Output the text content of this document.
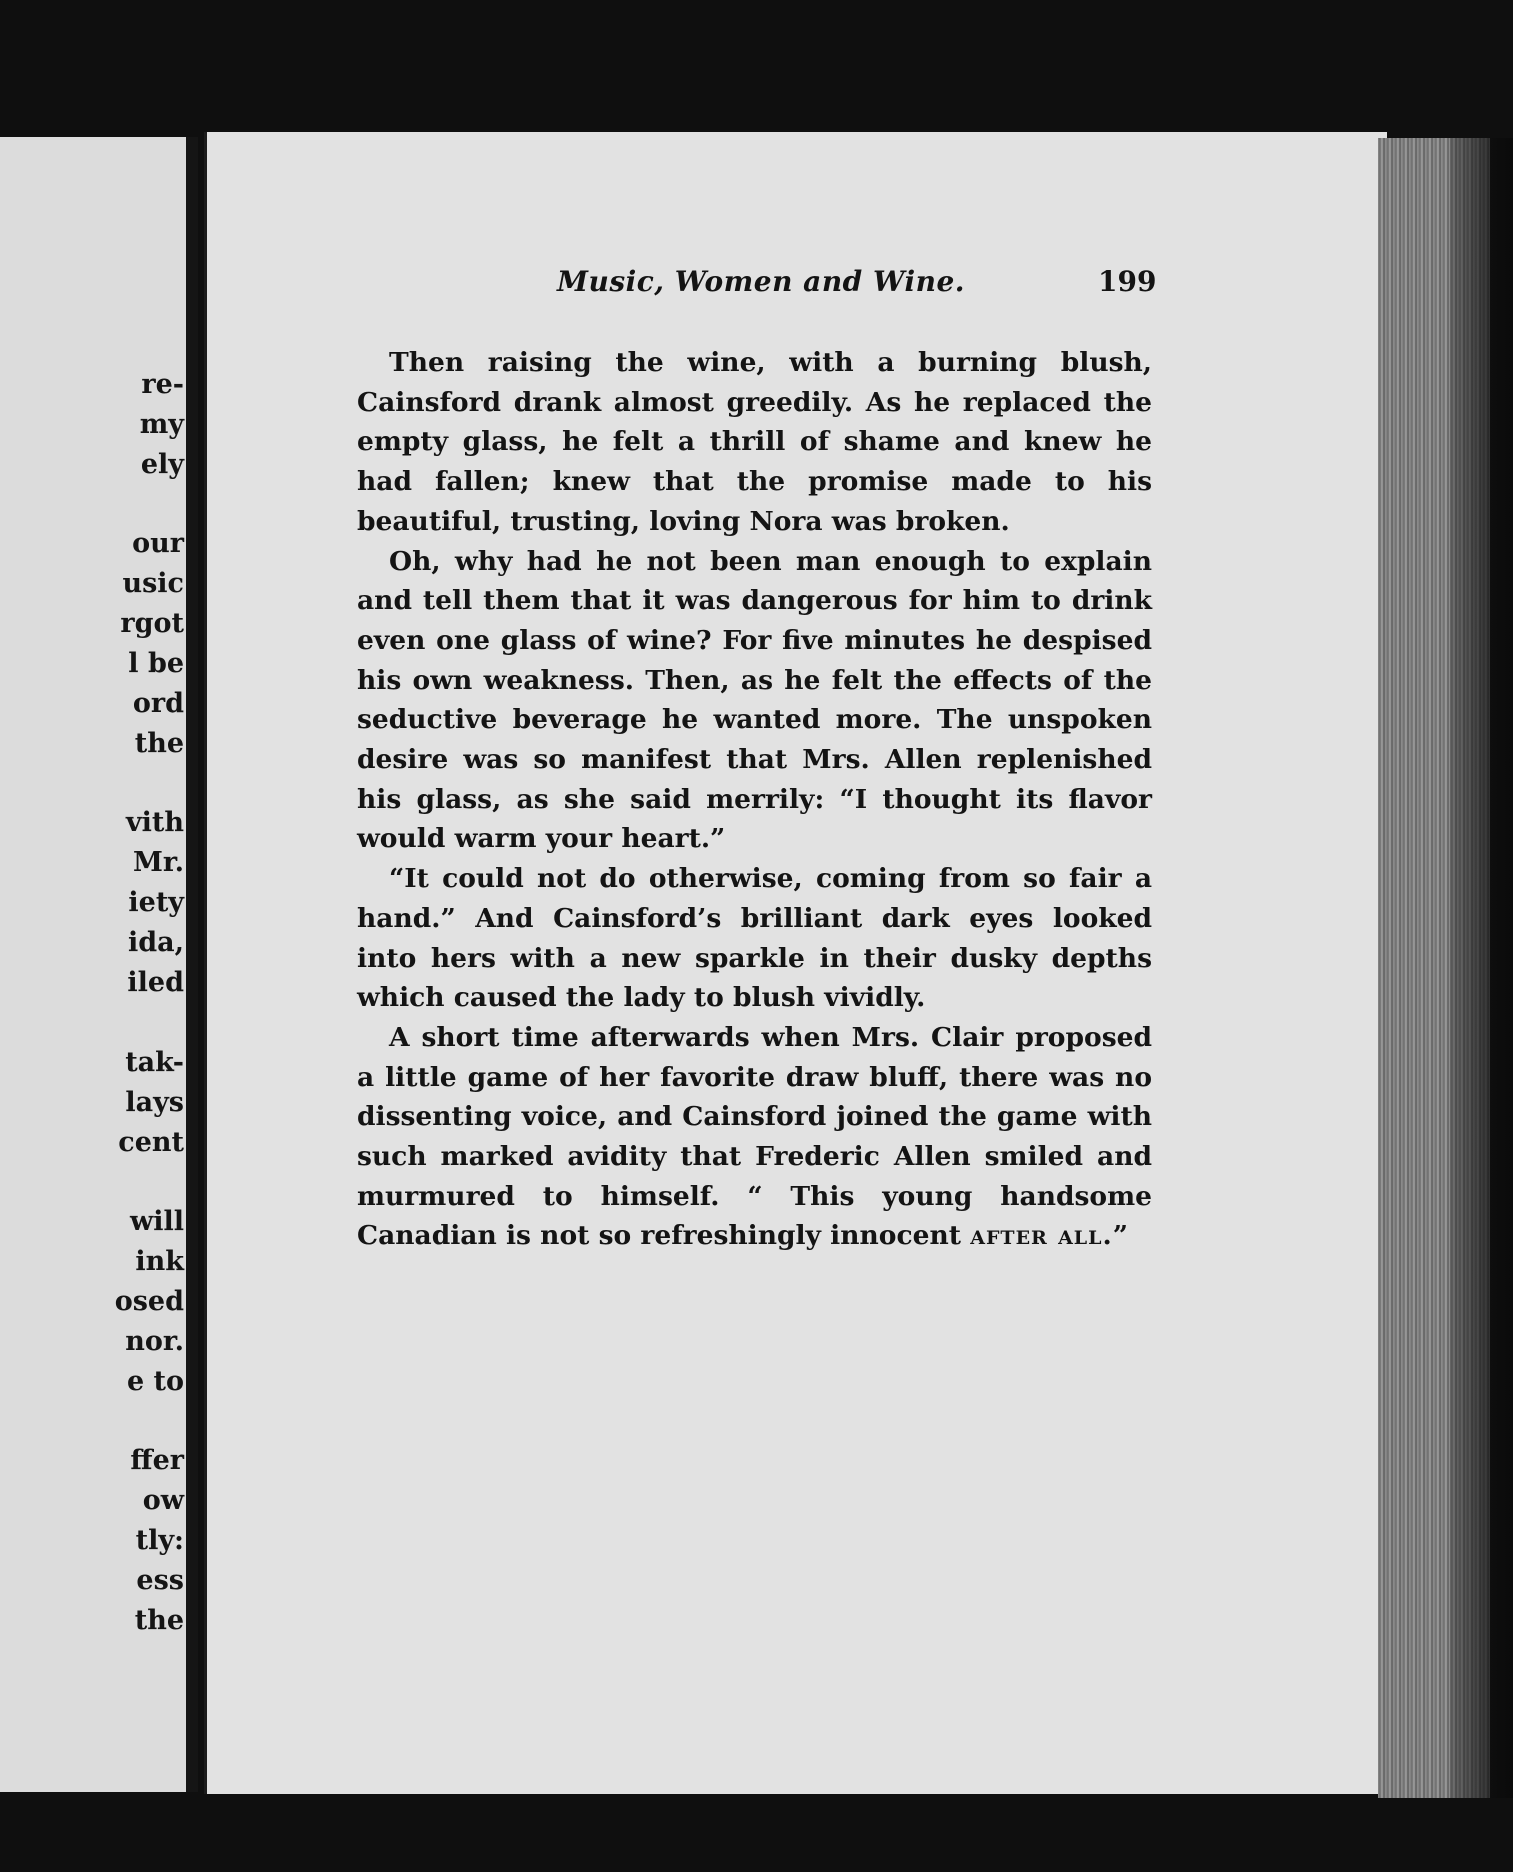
re-
my
ely
our
usic
rgot
l be
ord
the
vith
Mr.
iety
ida,
iled
tak-
lays
cent
will
ink
osed
nor.
e to
ffer
ow
tly:
ess
the
Music, Women and Wine.	199

Then raising the wine, with a burning blush, Cainsford drank almost greedily. As he replaced the empty glass, he felt a thrill of shame and knew he had fallen; knew that the promise made to his beautiful, trusting, loving Nora was broken.

Oh, why had he not been man enough to explain and tell them that it was dangerous for him to drink even one glass of wine? For five minutes he despised his own weakness. Then, as he felt the effects of the seductive beverage he wanted more. The unspoken desire was so manifest that Mrs. Allen replenished his glass, as she said merrily: “I thought its flavor would warm your heart.”

“It could not do otherwise, coming from so fair a hand.” And Cainsford’s brilliant dark eyes looked into hers with a new sparkle in their dusky depths which caused the lady to blush vividly.

A short time afterwards when Mrs. Clair proposed a little game of her favorite draw bluff, there was no dissenting voice, and Cainsford joined the game with such marked avidity that Frederic Allen smiled and murmured to himself. “ This young handsome Canadian is not so refreshingly innocent after all.”
